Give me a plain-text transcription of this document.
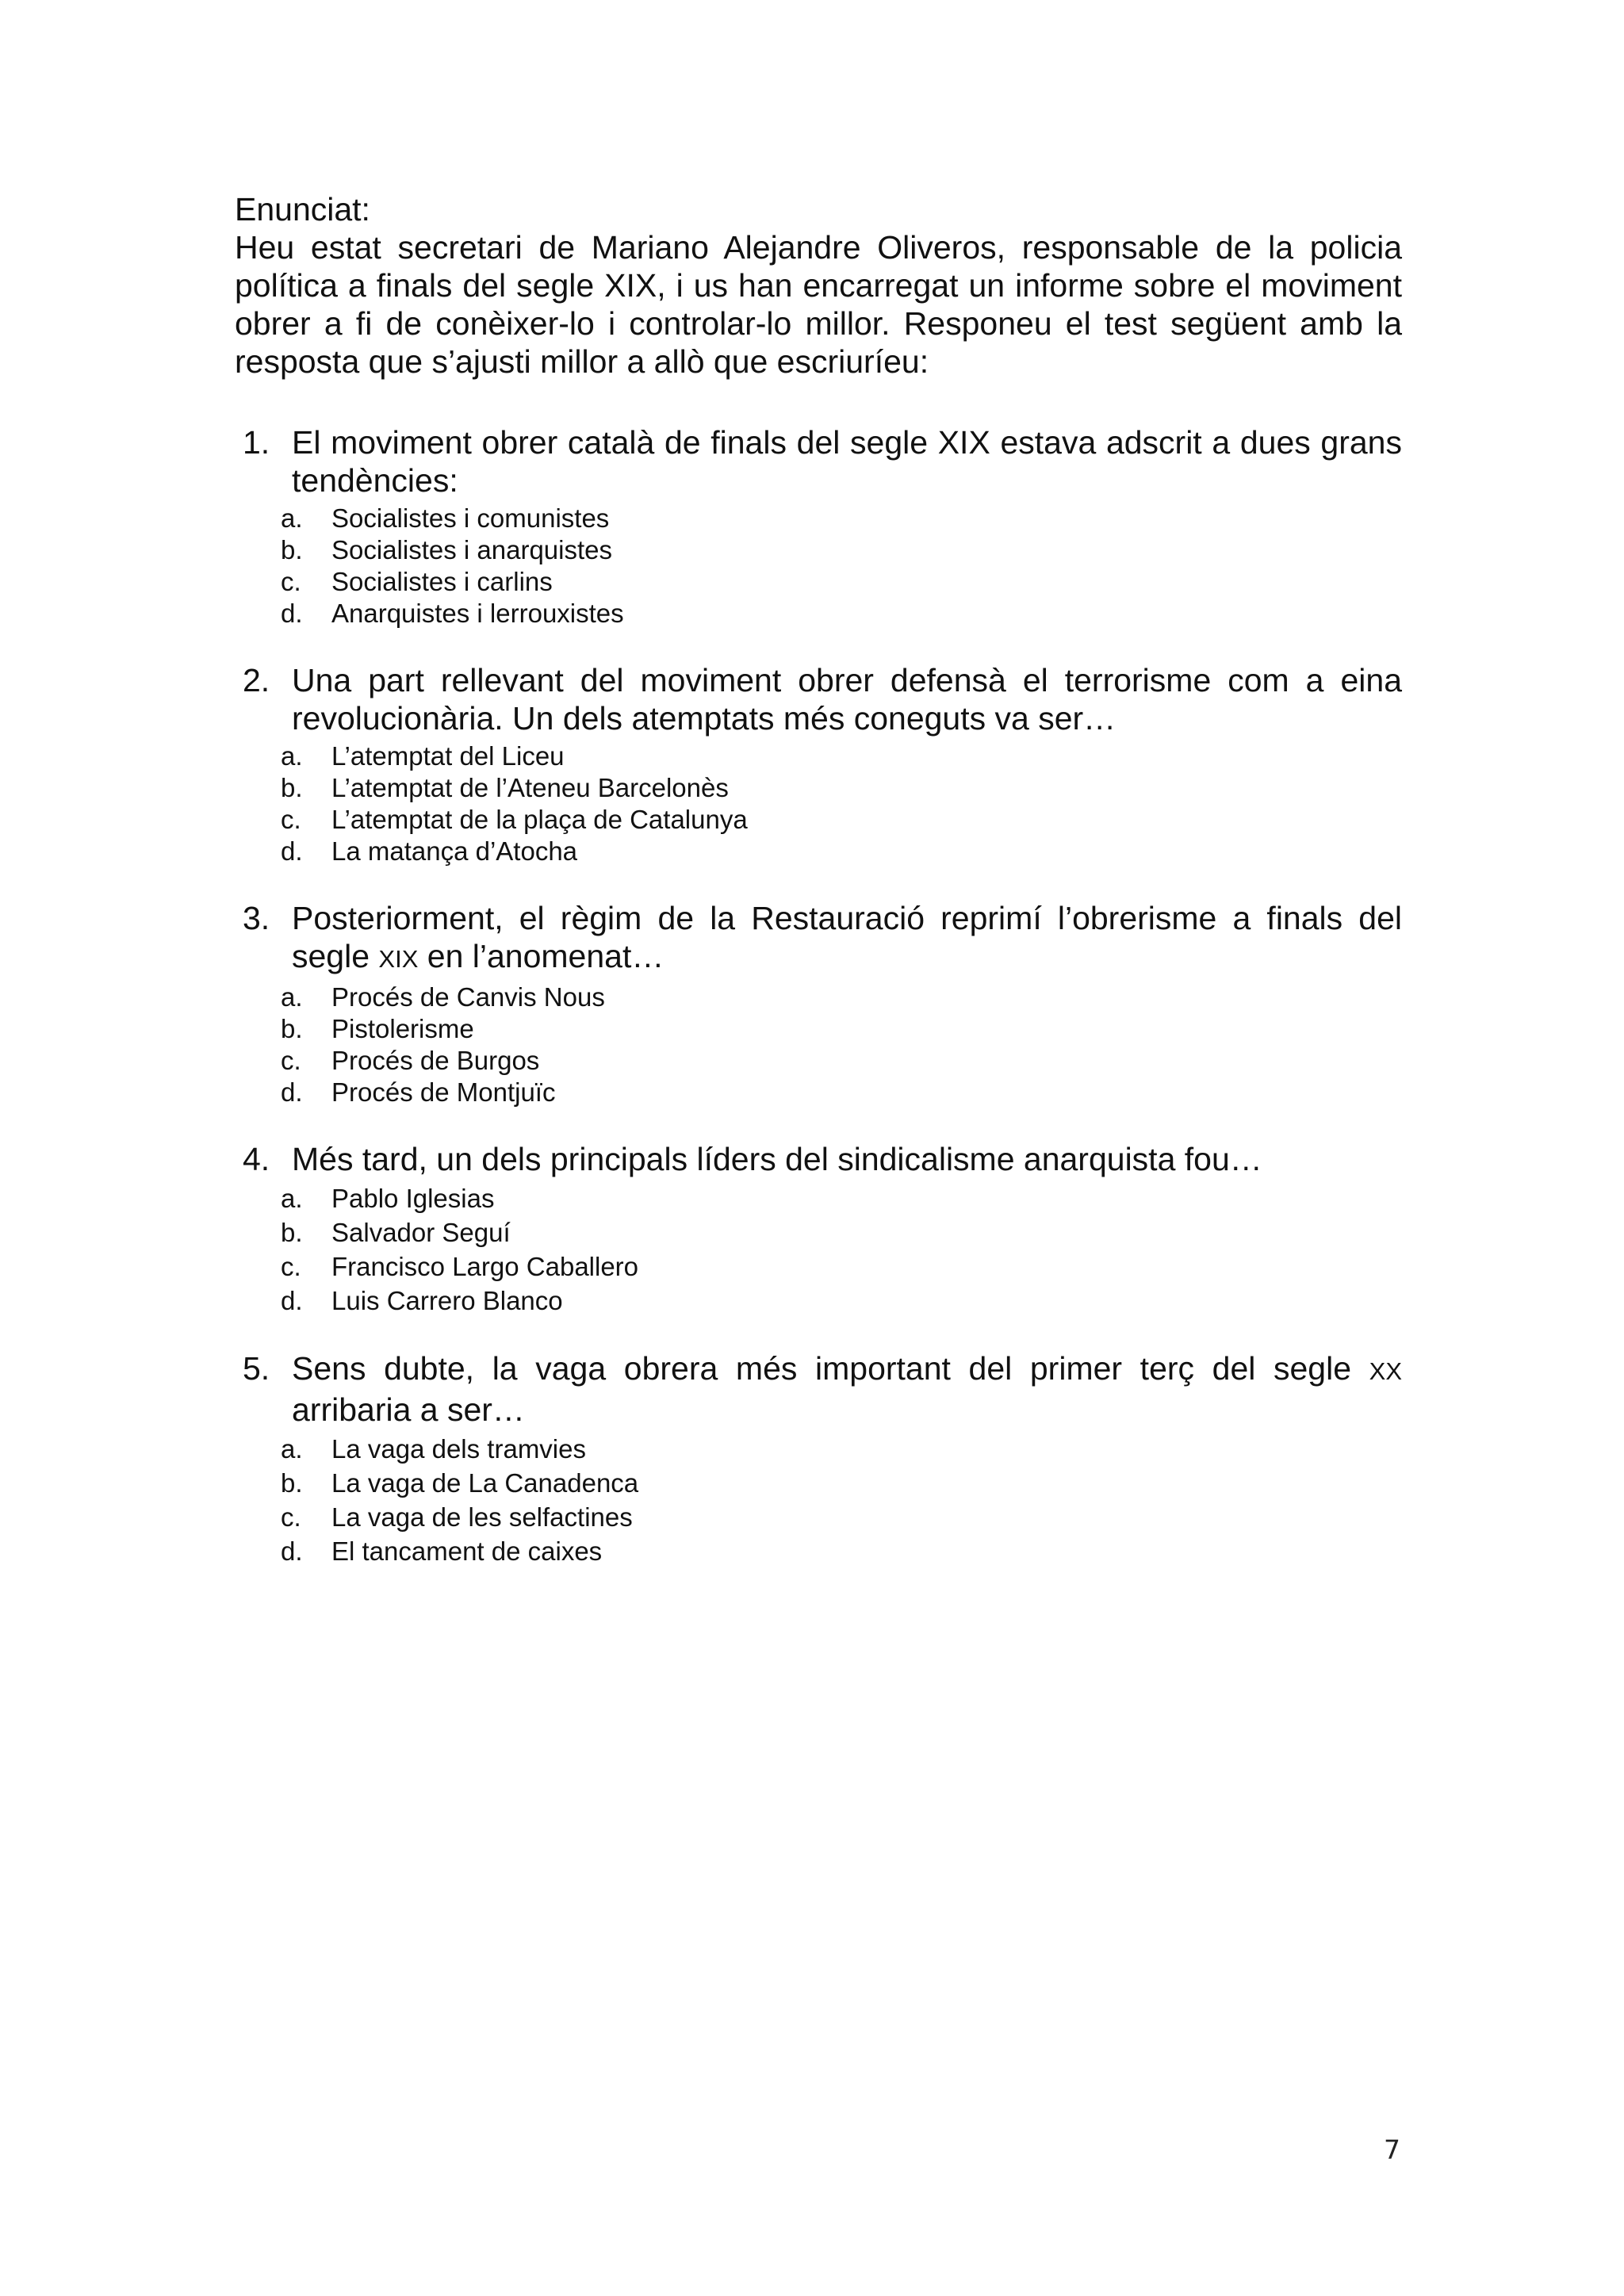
Enunciat:

Heu estat secretari de Mariano Alejandre Oliveros, responsable de la policia política a finals del segle XIX, i us han encarregat un informe sobre el moviment obrer a fi de conèixer-lo i controlar-lo millor. Responeu el test següent amb la resposta que s’ajusti millor a allò que escriuríeu:

1. El moviment obrer català de finals del segle XIX estava adscrit a dues grans tendències:

a. Socialistes i comunistes
b. Socialistes i anarquistes
c. Socialistes i carlins
d. Anarquistes i lerrouxistes
2. Una part rellevant del moviment obrer defensà el terrorisme com a eina revolucionària. Un dels atemptats més coneguts va ser…

a. L’atemptat del Liceu
b. L’atemptat de l’Ateneu Barcelonès
c. L’atemptat de la plaça de Catalunya
d. La matança d’Atocha
3. Posteriorment, el règim de la Restauració reprimí l’obrerisme a finals del segle XIX en l’anomenat…

a. Procés de Canvis Nous
b. Pistolerisme
c. Procés de Burgos
d. Procés de Montjuïc
4. Més tard, un dels principals líders del sindicalisme anarquista fou…

a. Pablo Iglesias
b. Salvador Seguí
c. Francisco Largo Caballero
d. Luis Carrero Blanco
5. Sens dubte, la vaga obrera més important del primer terç del segle XX arribaria a ser…

a. La vaga dels tramvies
b. La vaga de La Canadenca
c. La vaga de les selfactines
d. El tancament de caixes
7
